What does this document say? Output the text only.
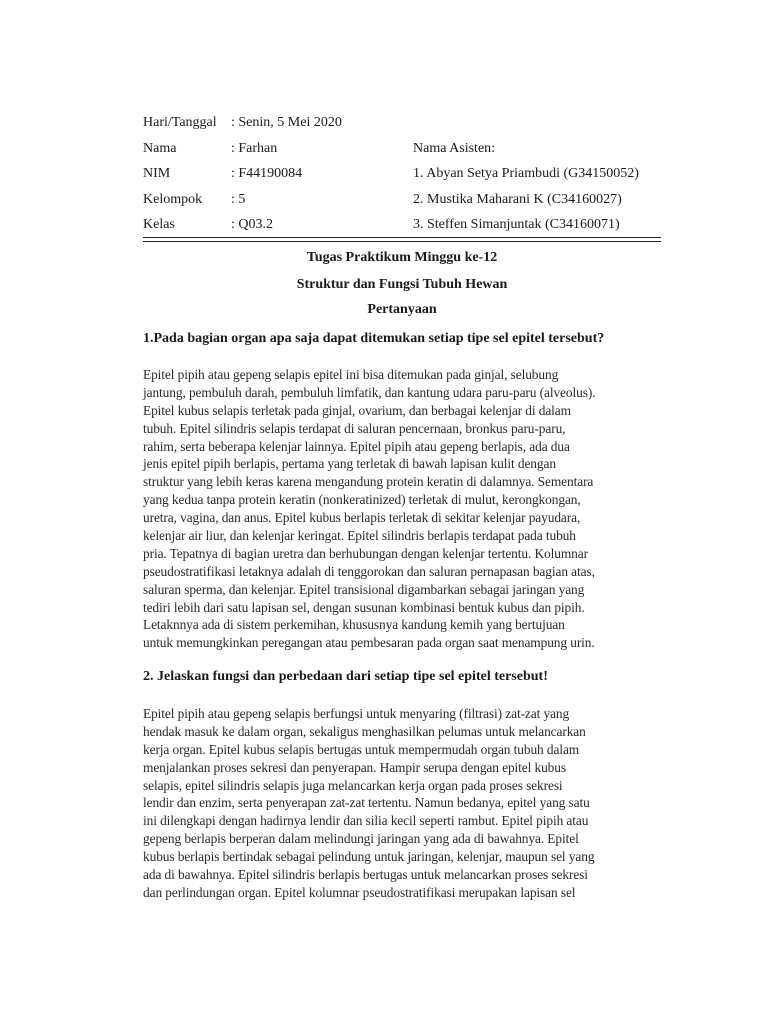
Hari/Tanggal	: Senin, 5 Mei 2020
Nama	: Farhan	Nama Asisten:
NIM	: F44190084	1. Abyan Setya Priambudi (G34150052)
Kelompok	: 5	2. Mustika Maharani K (C34160027)
Kelas	: Q03.2	3. Steffen Simanjuntak (C34160071)

Tugas Praktikum Minggu ke-12

Struktur dan Fungsi Tubuh Hewan

Pertanyaan

1.Pada bagian organ apa saja dapat ditemukan setiap tipe sel epitel tersebut?

Epitel pipih atau gepeng selapis epitel ini bisa ditemukan pada ginjal, selubung
jantung, pembuluh darah, pembuluh limfatik, dan kantung udara paru-paru (alveolus).
Epitel kubus selapis terletak pada ginjal, ovarium, dan berbagai kelenjar di dalam
tubuh. Epitel silindris selapis terdapat di saluran pencernaan, bronkus paru-paru,
rahim, serta beberapa kelenjar lainnya. Epitel pipih atau gepeng berlapis, ada dua
jenis epitel pipih berlapis, pertama yang terletak di bawah lapisan kulit dengan
struktur yang lebih keras karena mengandung protein keratin di dalamnya. Sementara
yang kedua tanpa protein keratin (nonkeratinized) terletak di mulut, kerongkongan,
uretra, vagina, dan anus. Epitel kubus berlapis terletak di sekitar kelenjar payudara,
kelenjar air liur, dan kelenjar keringat. Epitel silindris berlapis terdapat pada tubuh
pria. Tepatnya di bagian uretra dan berhubungan dengan kelenjar tertentu. Kolumnar
pseudostratifikasi letaknya adalah di tenggorokan dan saluran pernapasan bagian atas,
saluran sperma, dan kelenjar. Epitel transisional digambarkan sebagai jaringan yang
tediri lebih dari satu lapisan sel, dengan susunan kombinasi bentuk kubus dan pipih.
Letaknnya ada di sistem perkemihan, khususnya kandung kemih yang bertujuan
untuk memungkinkan peregangan atau pembesaran pada organ saat menampung urin.

2. Jelaskan fungsi dan perbedaan dari setiap tipe sel epitel tersebut!

Epitel pipih atau gepeng selapis berfungsi untuk menyaring (filtrasi) zat-zat yang
hendak masuk ke dalam organ, sekaligus menghasilkan pelumas untuk melancarkan
kerja organ. Epitel kubus selapis bertugas untuk mempermudah organ tubuh dalam
menjalankan proses sekresi dan penyerapan. Hampir serupa dengan epitel kubus
selapis, epitel silindris selapis juga melancarkan kerja organ pada proses sekresi
lendir dan enzim, serta penyerapan zat-zat tertentu. Namun bedanya, epitel yang satu
ini dilengkapi dengan hadirnya lendir dan silia kecil seperti rambut. Epitel pipih atau
gepeng berlapis berperan dalam melindungi jaringan yang ada di bawahnya. Epitel
kubus berlapis bertindak sebagai pelindung untuk jaringan, kelenjar, maupun sel yang
ada di bawahnya. Epitel silindris berlapis bertugas untuk melancarkan proses sekresi
dan perlindungan organ. Epitel kolumnar pseudostratifikasi merupakan lapisan sel
